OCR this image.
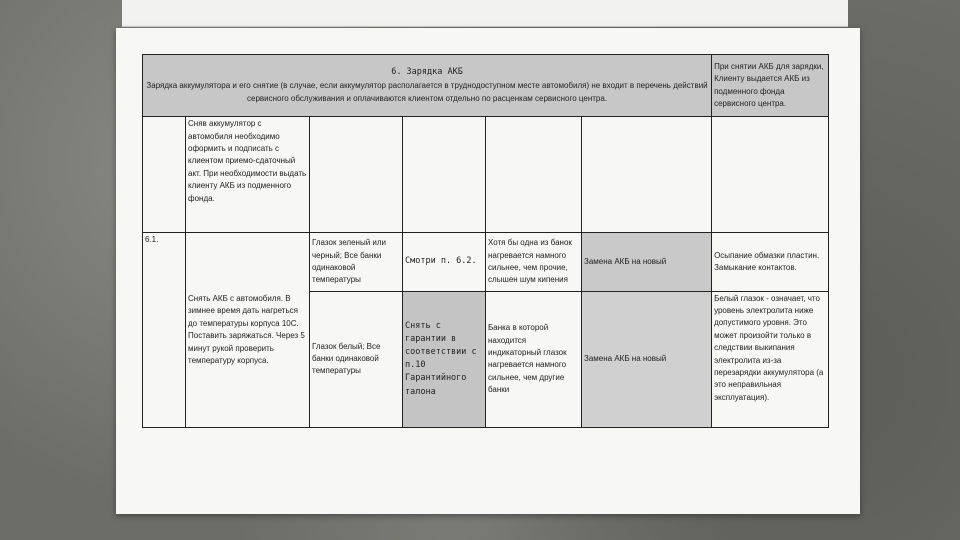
6. Зарядка АКБ
Зарядка аккумулятора и его снятие (в случае, если аккумулятор располагается в труднодоступном месте автомобиля) не входит в перечень действий сервисного обслуживания и оплачиваются клиентом отдельно по расценкам сервисного центра.						При снятии АКБ для зарядки, Клиенту выдается АКБ из подменного фонда сервисного центра.
	Сняв аккумулятор с автомобиля необходимо оформить и подписать с клиентом приемо-сдаточный акт. При необходимости выдать клиенту АКБ из подменного фонда.					
6.1.	Снять АКБ с автомобиля. В зимнее время дать нагреться до температуры корпуса 10С. Поставить заряжаться. Через 5 минут рукой проверить температуру корпуса.	Глазок зеленый или черный; Все банки одинаковой температуры	Смотри п. 6.2.	Хотя бы одна из банок нагревается намного сильнее, чем прочие, слышен шум кипения	Замена АКБ на новый	Осыпание обмазки пластин. Замыкание контактов.
		Глазок белый; Все банки одинаковой температуры	Снять с гарантии в соответствии с п.10 Гарантийного талона	Банка в которой находится индикаторный глазок нагревается намного сильнее, чем другие банки	Замена АКБ на новый	Белый глазок - означает, что уровень электролита ниже допустимого уровня. Это может произойти только в следствии выкипания электролита из-за перезарядки аккумулятора (а это неправильная эксплуатация).
